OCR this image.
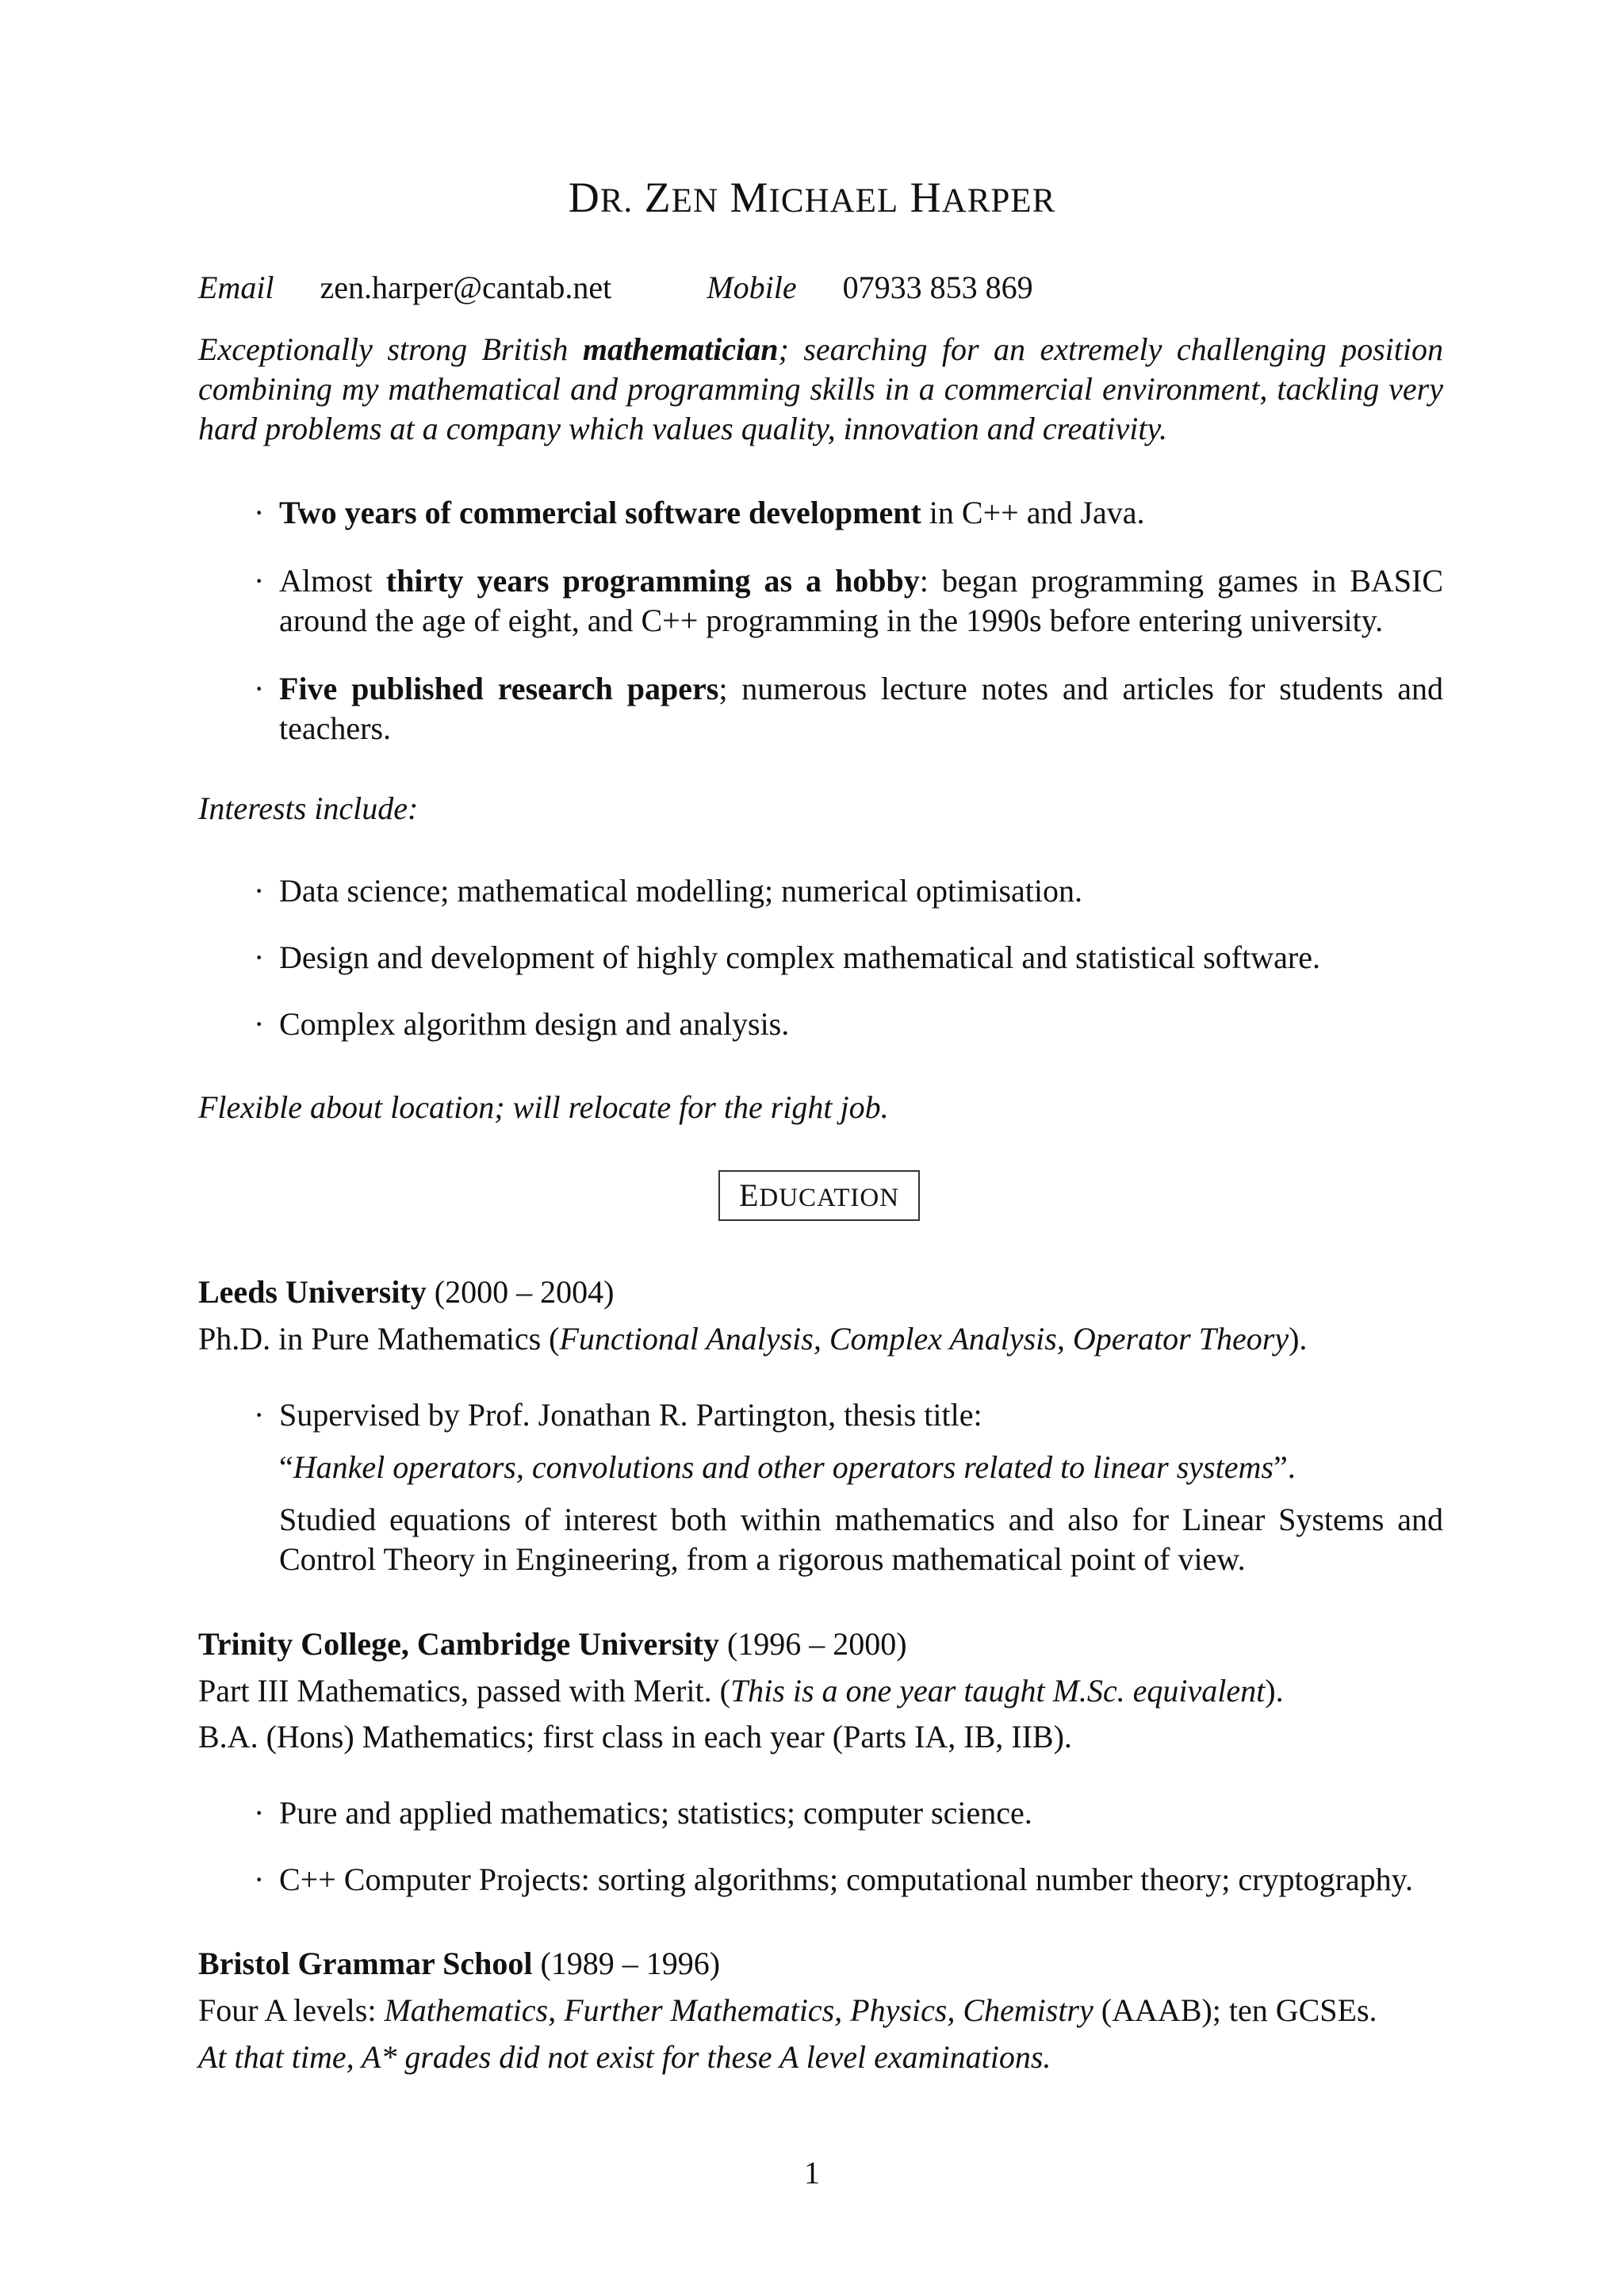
DR. ZEN MICHAEL HARPER
Email zen.harper@cantab.net	Mobile 07933 853 869
Exceptionally strong British mathematician; searching for an extremely challenging position combining my mathematical and programming skills in a commercial environment, tackling very hard problems at a company which values quality, innovation and creativity.
· Two years of commercial software development in C++ and Java.
· Almost thirty years programming as a hobby: began programming games in BASIC around the age of eight, and C++ programming in the 1990s before entering university.
· Five published research papers; numerous lecture notes and articles for students and teachers.
Interests include:
· Data science; mathematical modelling; numerical optimisation.
· Design and development of highly complex mathematical and statistical software.
· Complex algorithm design and analysis.
Flexible about location; will relocate for the right job.
EDUCATION
Leeds University (2000 – 2004)
Ph.D. in Pure Mathematics (Functional Analysis, Complex Analysis, Operator Theory).
· Supervised by Prof. Jonathan R. Partington, thesis title:
“Hankel operators, convolutions and other operators related to linear systems”.
Studied equations of interest both within mathematics and also for Linear Systems and Control Theory in Engineering, from a rigorous mathematical point of view.
Trinity College, Cambridge University (1996 – 2000)
Part III Mathematics, passed with Merit. (This is a one year taught M.Sc. equivalent).
B.A. (Hons) Mathematics; first class in each year (Parts IA, IB, IIB).
· Pure and applied mathematics; statistics; computer science.
· C++ Computer Projects: sorting algorithms; computational number theory; cryptography.
Bristol Grammar School (1989 – 1996)
Four A levels: Mathematics, Further Mathematics, Physics, Chemistry (AAAB); ten GCSEs.
At that time, A* grades did not exist for these A level examinations.
1
